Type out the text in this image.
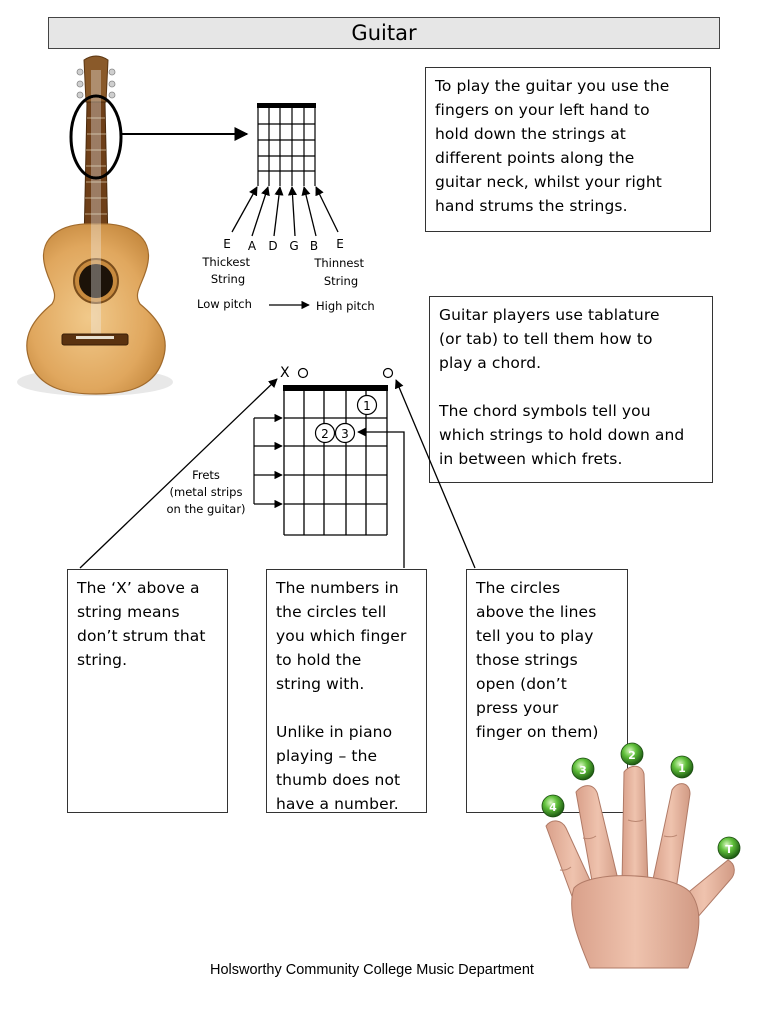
Guitar
To play the guitar you use the
fingers on your left hand to
hold down the strings at
different points along the
guitar neck, whilst your right
hand strums the strings.
Guitar players use tablature
(or tab) to tell them how to
play a chord.

The chord symbols tell you
which strings to hold down and
in between which frets.
The ‘X’ above a
string means
don’t strum that
string.
The numbers in
the circles tell
you which finger
to hold the
string with.

Unlike in piano
playing – the
thumb does not
have a number.
The circles
above the lines
tell you to play
those strings
open (don’t
press your
finger on them)
E A D G B E
Thickest String
Thinnest String
Low pitch	High pitch
X
1
2 3
Frets
(metal strips
on the guitar)
4
3
2
1
T
Holsworthy Community College Music Department
